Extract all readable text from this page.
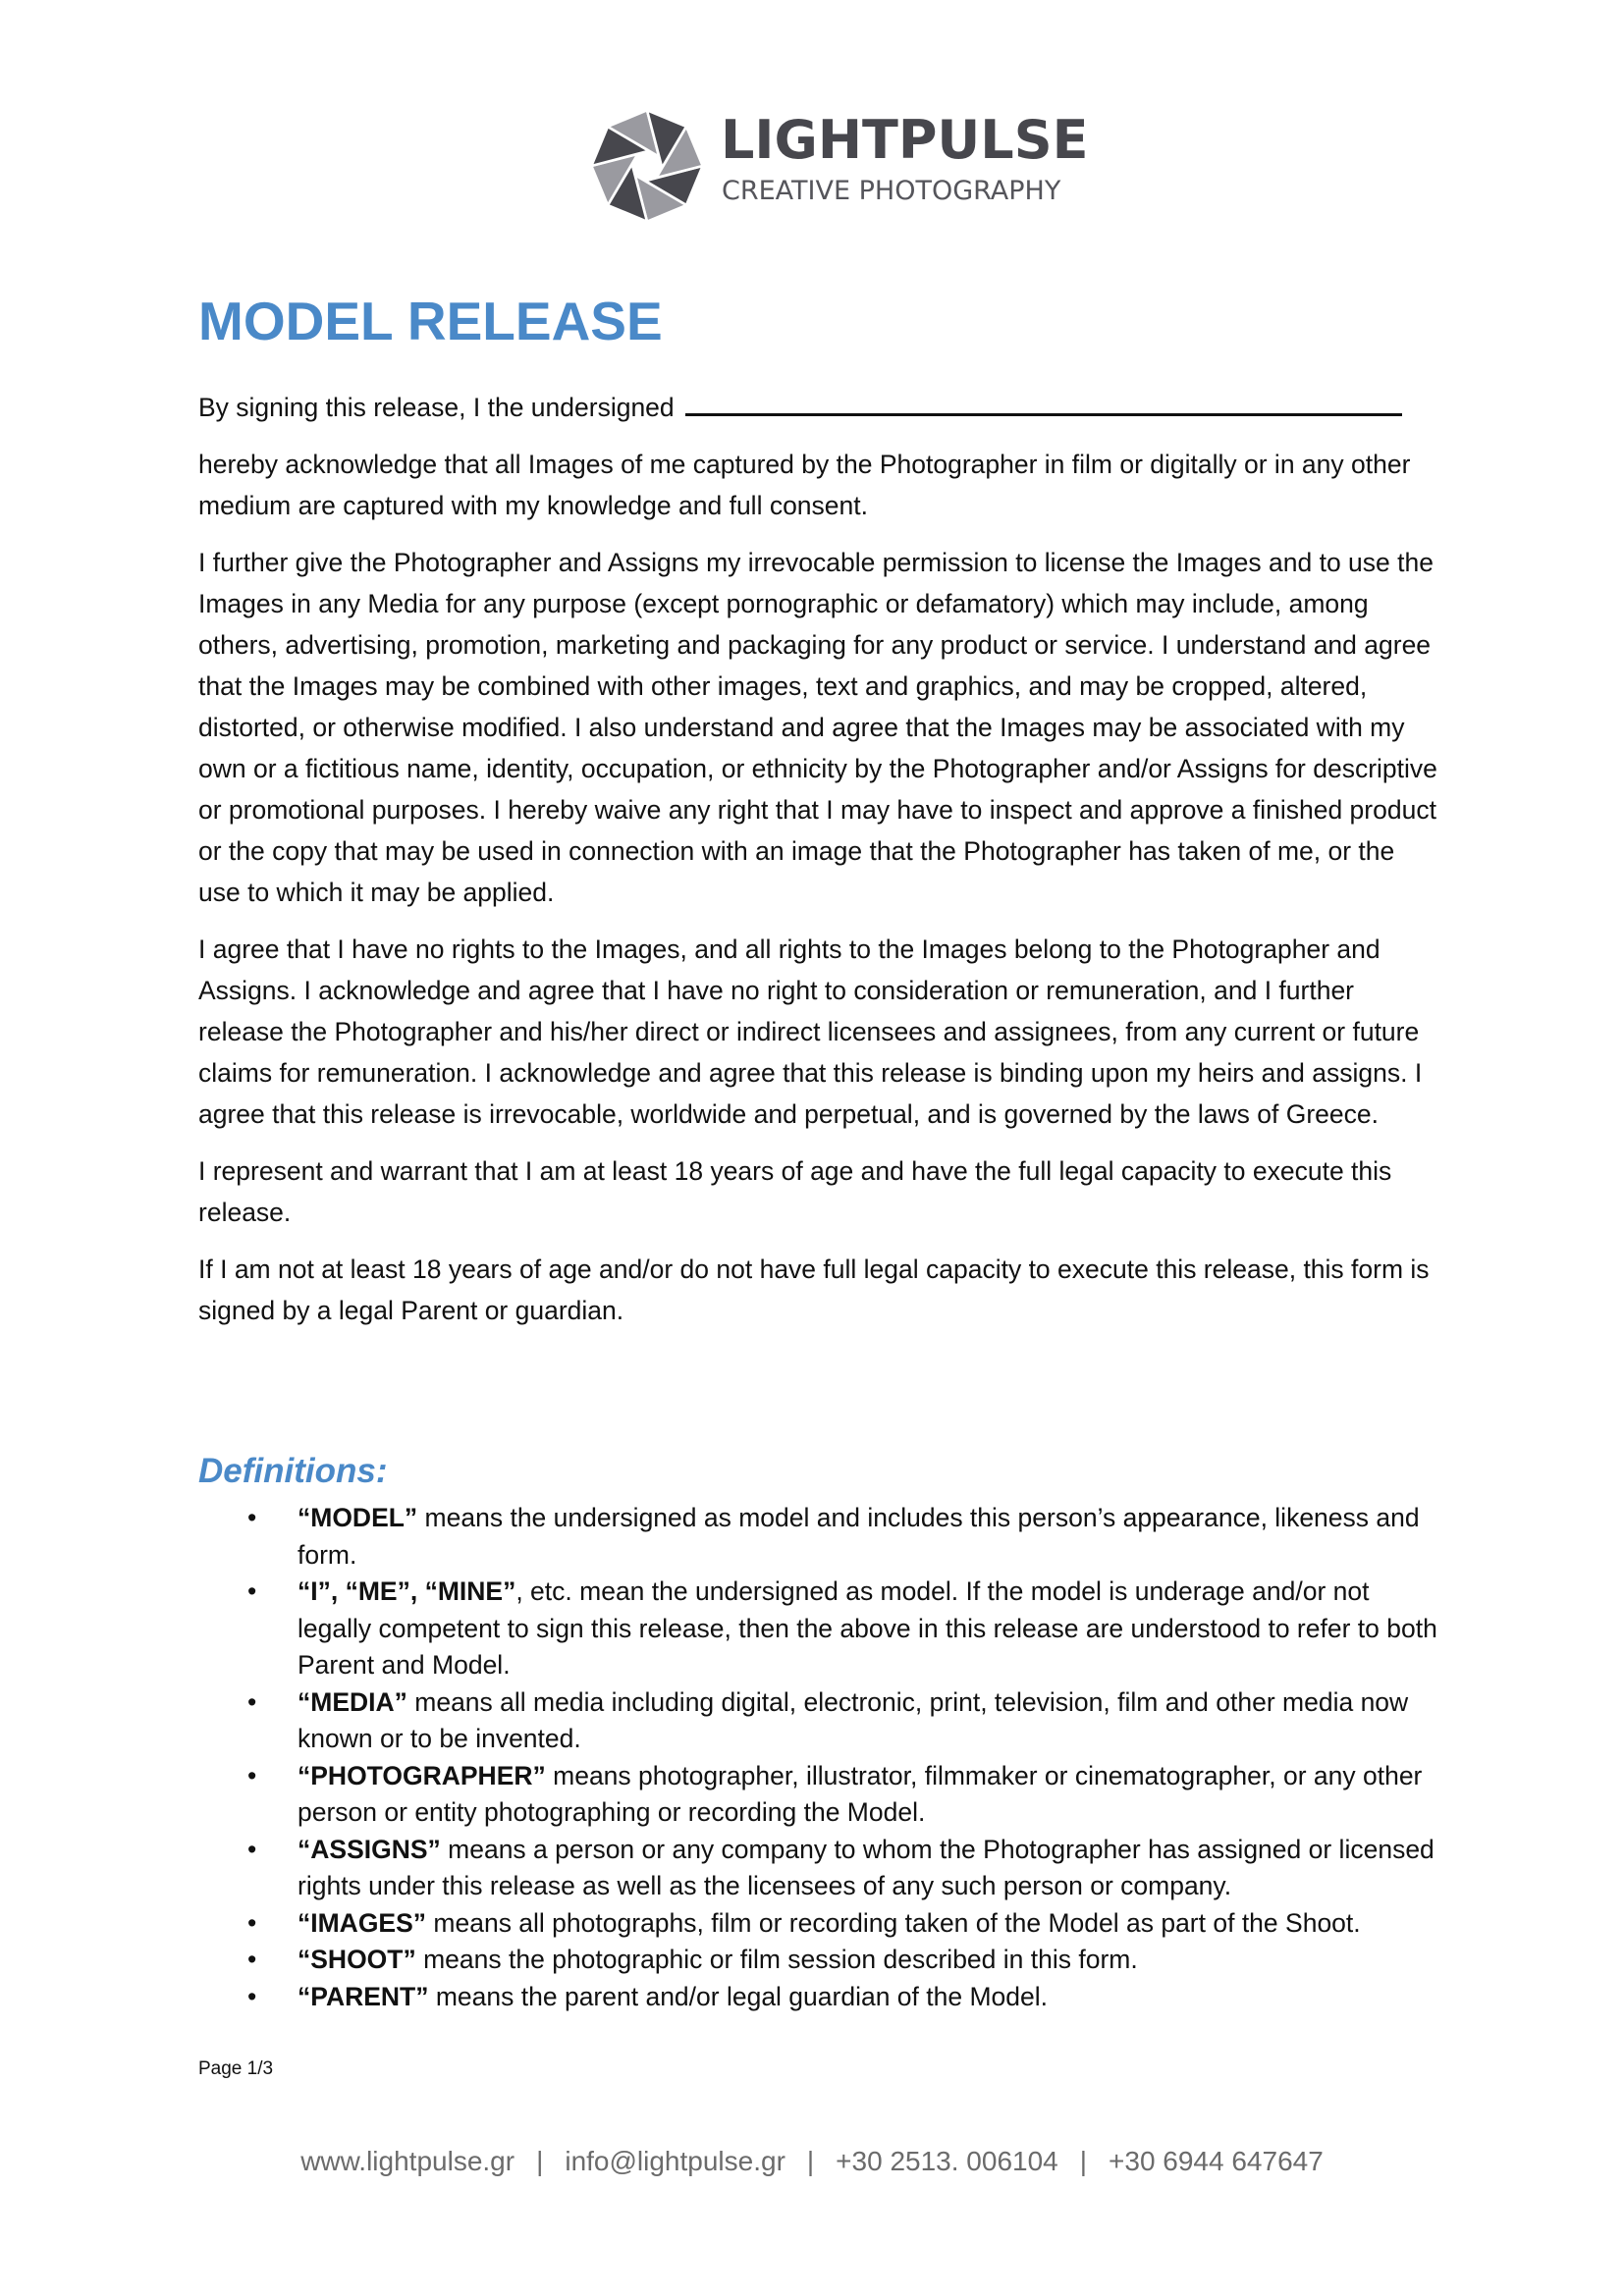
LIGHTPULSE
CREATIVE PHOTOGRAPHY
MODEL RELEASE

By signing this release, I the undersigned

hereby acknowledge that all Images of me captured by the Photographer in film or digitally or in any other medium are captured with my knowledge and full consent.

I further give the Photographer and Assigns my irrevocable permission to license the Images and to use the Images in any Media for any purpose (except pornographic or defamatory) which may include, among others, advertising, promotion, marketing and packaging for any product or service. I understand and agree that the Images may be combined with other images, text and graphics, and may be cropped, altered, distorted, or otherwise modified. I also understand and agree that the Images may be associated with my own or a fictitious name, identity, occupation, or ethnicity by the Photographer and/or Assigns for descriptive or promotional purposes. I hereby waive any right that I may have to inspect and approve a finished product or the copy that may be used in connection with an image that the Photographer has taken of me, or the use to which it may be applied.

I agree that I have no rights to the Images, and all rights to the Images belong to the Photographer and Assigns. I acknowledge and agree that I have no right to consideration or remuneration, and I further release the Photographer and his/her direct or indirect licensees and assignees, from any current or future claims for remuneration. I acknowledge and agree that this release is binding upon my heirs and assigns. I agree that this release is irrevocable, worldwide and perpetual, and is governed by the laws of Greece.

I represent and warrant that I am at least 18 years of age and have the full legal capacity to execute this release.

If I am not at least 18 years of age and/or do not have full legal capacity to execute this release, this form is signed by a legal Parent or guardian.

Definitions:
• “MODEL” means the undersigned as model and includes this person’s appearance, likeness and form.
• “I”, “ME”, “MINE”, etc. mean the undersigned as model. If the model is underage and/or not legally competent to sign this release, then the above in this release are understood to refer to both Parent and Model.
• “MEDIA” means all media including digital, electronic, print, television, film and other media now known or to be invented.
• “PHOTOGRAPHER” means photographer, illustrator, filmmaker or cinematographer, or any other person or entity photographing or recording the Model.
• “ASSIGNS” means a person or any company to whom the Photographer has assigned or licensed rights under this release as well as the licensees of any such person or company.
• “IMAGES” means all photographs, film or recording taken of the Model as part of the Shoot.
• “SHOOT” means the photographic or film session described in this form.
• “PARENT” means the parent and/or legal guardian of the Model.
Page 1/3
www.lightpulse.gr | info@lightpulse.gr | +30 2513. 006104 | +30 6944 647647
